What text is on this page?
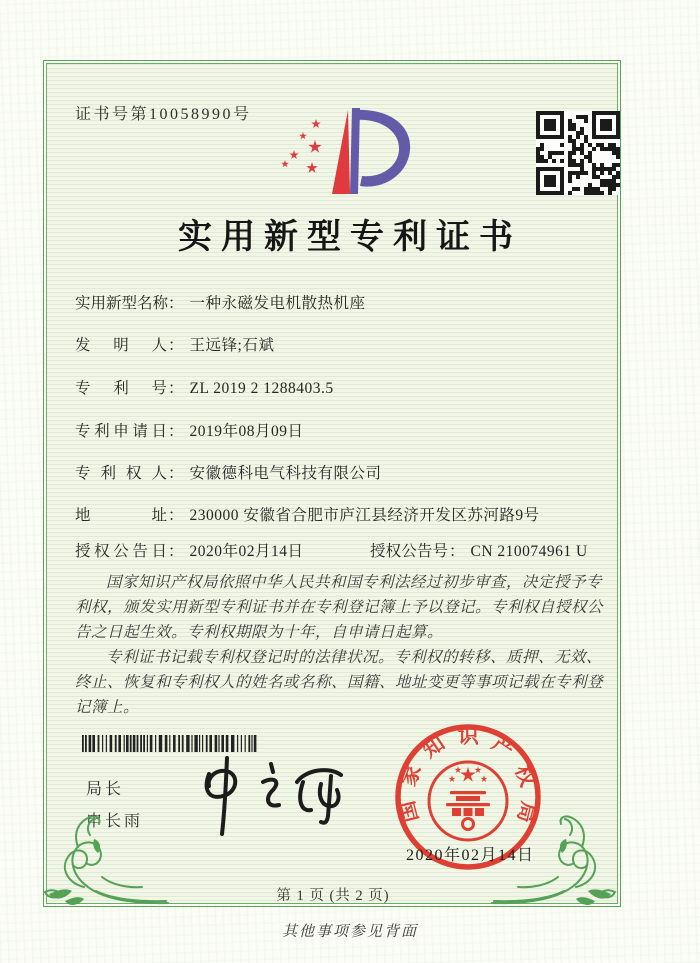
证书号第10058990号
实用新型专利证书
实用新型名称： 一种永磁发电机散热机座
发明人： 王远锋;石斌
专利号： ZL 2019 2 1288403.5
专利申请日： 2019年08月09日
专利权人： 安徽德科电气科技有限公司
地址： 230000 安徽省合肥市庐江县经济开发区苏河路9号
授权公告日： 2020年02月14日	授权公告号： CN 210074961 U

国家知识产权局依照中华人民共和国专利法经过初步审查，决定授予专利权，颁发实用新型专利证书并在专利登记簿上予以登记。专利权自授权公告之日起生效。专利权期限为十年，自申请日起算。

专利证书记载专利权登记时的法律状况。专利权的转移、质押、无效、终止、恢复和专利权人的姓名或名称、国籍、地址变更等事项记载在专利登记簿上。

局长
申长雨	国家知识产权局
2020年02月14日
第 1 页 (共 2 页)
其他事项参见背面
